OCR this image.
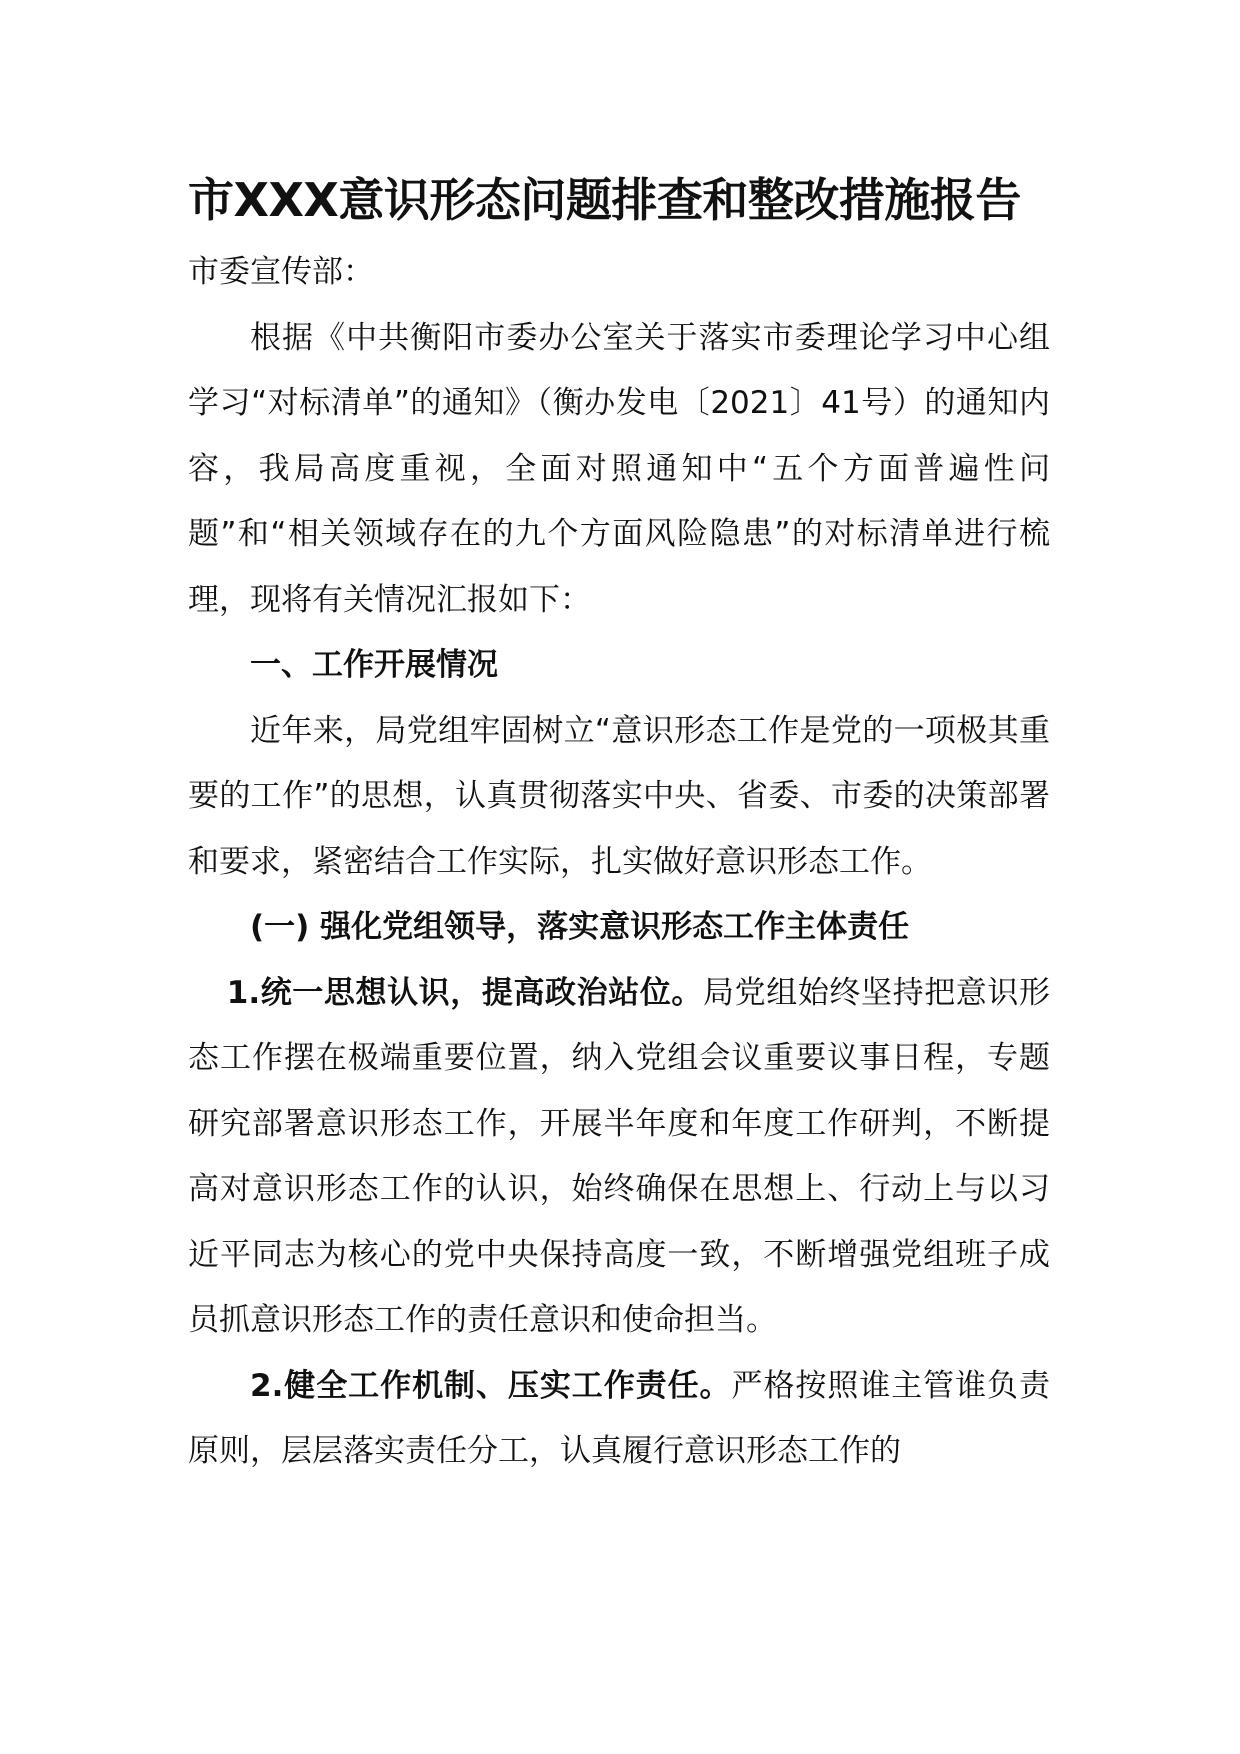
市XXX意识形态问题排查和整改措施报告

市委宣传部：

根据《中共衡阳市委办公室关于落实市委理论学习中心组学习“对标清单”的通知》（衡办发电〔2021〕41号）的通知内容，我局高度重视，全面对照通知中“五个方面普遍性问题”和“相关领域存在的九个方面风险隐患”的对标清单进行梳理，现将有关情况汇报如下：

一、工作开展情况

近年来，局党组牢固树立“意识形态工作是党的一项极其重要的工作”的思想，认真贯彻落实中央、省委、市委的决策部署和要求，紧密结合工作实际，扎实做好意识形态工作。

(一) 强化党组领导，落实意识形态工作主体责任

1.统一思想认识，提高政治站位。局党组始终坚持把意识形态工作摆在极端重要位置，纳入党组会议重要议事日程，专题研究部署意识形态工作，开展半年度和年度工作研判，不断提高对意识形态工作的认识，始终确保在思想上、行动上与以习近平同志为核心的党中央保持高度一致，不断增强党组班子成员抓意识形态工作的责任意识和使命担当。

2.健全工作机制、压实工作责任。严格按照谁主管谁负责原则，层层落实责任分工，认真履行意识形态工作的
